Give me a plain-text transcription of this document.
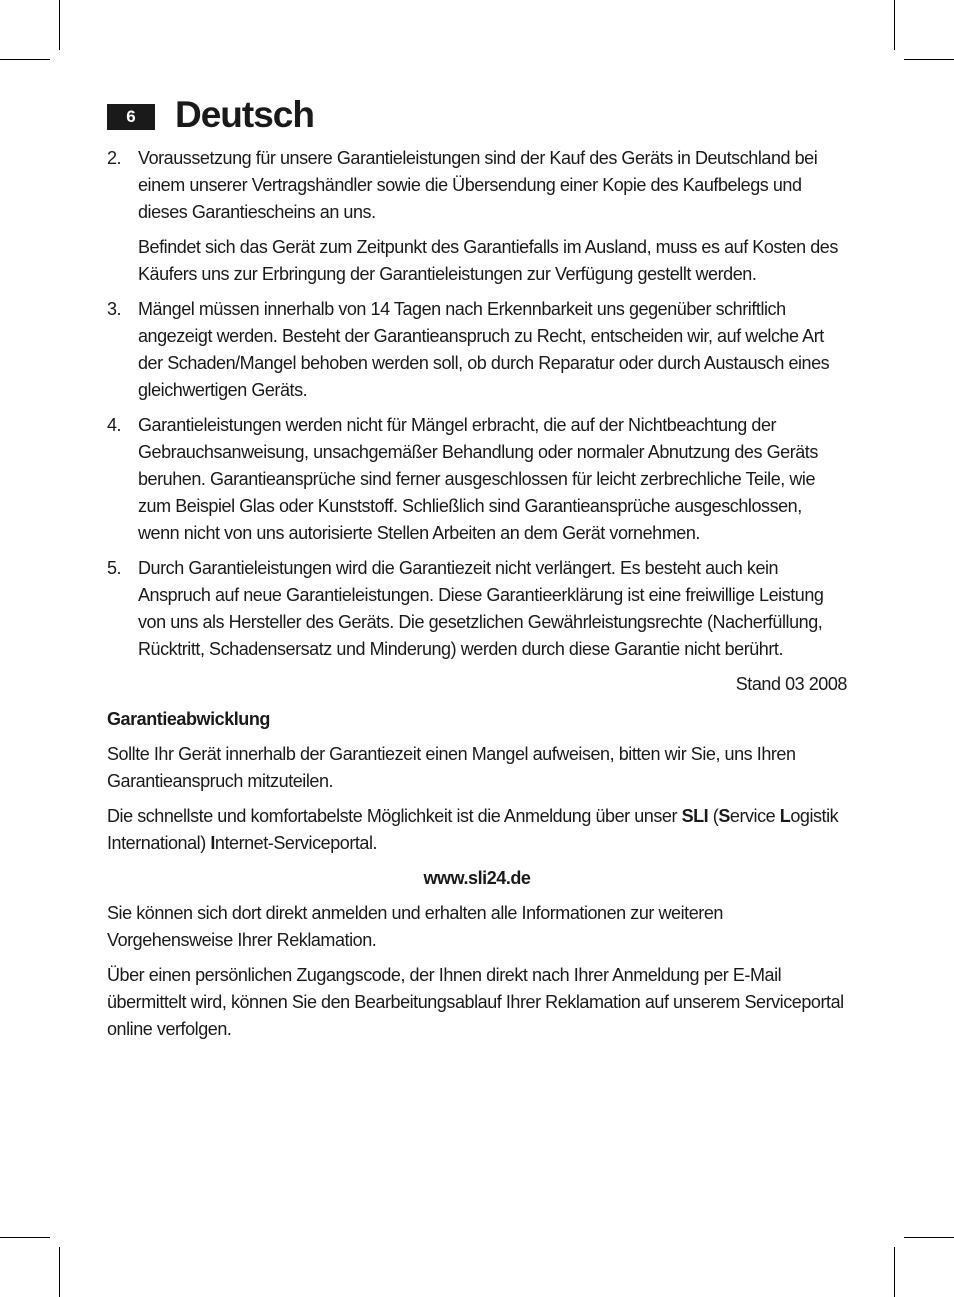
6	Deutsch
2. Voraussetzung für unsere Garantieleistungen sind der Kauf des Geräts in Deutschland bei einem unserer Vertragshändler sowie die Übersendung einer Kopie des Kaufbelegs und dieses Garantiescheins an uns.

Befindet sich das Gerät zum Zeitpunkt des Garantiefalls im Ausland, muss es auf Kosten des Käufers uns zur Erbringung der Garantieleistungen zur Verfügung gestellt werden.

3. Mängel müssen innerhalb von 14 Tagen nach Erkennbarkeit uns gegenüber schriftlich angezeigt werden. Besteht der Garantieanspruch zu Recht, entscheiden wir, auf welche Art der Schaden/Mangel behoben werden soll, ob durch Reparatur oder durch Austausch eines gleichwertigen Geräts.

4. Garantieleistungen werden nicht für Mängel erbracht, die auf der Nichtbeachtung der Gebrauchsanweisung, unsachgemäßer Behandlung oder normaler Abnutzung des Geräts beruhen. Garantieansprüche sind ferner ausgeschlossen für leicht zerbrechliche Teile, wie zum Beispiel Glas oder Kunststoff. Schließlich sind Garantieansprüche ausgeschlossen, wenn nicht von uns autorisierte Stellen Arbeiten an dem Gerät vornehmen.

5. Durch Garantieleistungen wird die Garantiezeit nicht verlängert. Es besteht auch kein Anspruch auf neue Garantieleistungen. Diese Garantieerklärung ist eine freiwillige Leistung von uns als Hersteller des Geräts. Die gesetzlichen Gewährleistungsrechte (Nacherfüllung, Rücktritt, Schadensersatz und Minderung) werden durch diese Garantie nicht berührt.

Stand 03 2008

Garantieabwicklung

Sollte Ihr Gerät innerhalb der Garantiezeit einen Mangel aufweisen, bitten wir Sie, uns Ihren Garantieanspruch mitzuteilen.

Die schnellste und komfortabelste Möglichkeit ist die Anmeldung über unser SLI (Service Logistik International) Internet-Serviceportal.

www.sli24.de

Sie können sich dort direkt anmelden und erhalten alle Informationen zur weiteren Vorgehensweise Ihrer Reklamation.

Über einen persönlichen Zugangscode, der Ihnen direkt nach Ihrer Anmeldung per E-Mail übermittelt wird, können Sie den Bearbeitungsablauf Ihrer Reklamation auf unserem Serviceportal online verfolgen.
